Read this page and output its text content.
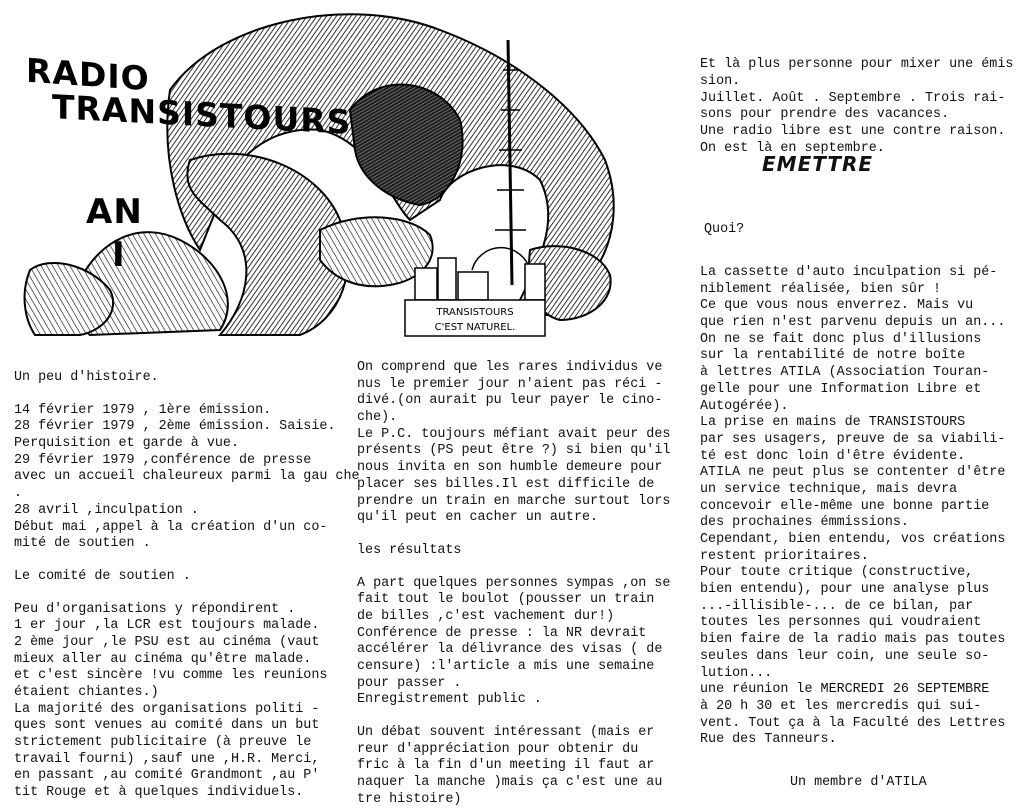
TRANSISTOURS
C'EST NATUREL.
RADIO
TRANSISTOURS
AN
I
Un peu d'histoire.
14 février 1979 , 1ère émission.
28 février 1979 , 2ème émission. Saisie.
Perquisition et garde à vue.
29 février 1979 ,conférence de presse
avec un accueil chaleureux parmi la gau che
.
28 avril ,inculpation .
Début mai ,appel à la création d'un co-
mité de soutien .
Le comité de soutien .
Peu d'organisations y répondirent .
1 er jour ,la LCR est toujours malade.
2 ème jour ,le PSU est au cinéma (vaut
mieux aller au cinéma qu'être malade.
et c'est sincère !vu comme les reunions
étaient chiantes.)
La majorité des organisations politi -
ques sont venues au comité dans un but
strictement publicitaire (à preuve le
travail fourni) ,sauf une ,H.R. Merci,
en passant ,au comité Grandmont ,au P'
tit Rouge et à quelques individuels.
On comprend que les rares individus ve
nus le premier jour n'aient pas réci -
divé.(on aurait pu leur payer le cino-
che).
Le P.C. toujours méfiant avait peur des
présents (PS peut être ?) si bien qu'il
nous invita en son humble demeure pour
placer ses billes.Il est difficile de
prendre un train en marche surtout lors
qu'il peut en cacher un autre.
les résultats
A part quelques personnes sympas ,on se
fait tout le boulot (pousser un train
de billes ,c'est vachement dur!)
Conférence de presse : la NR devrait
accélérer la délivrance des visas ( de
censure) :l'article a mis une semaine
pour passer .
Enregistrement public .
Un débat souvent intéressant (mais er
reur d'appréciation pour obtenir du
fric à la fin d'un meeting il faut ar
naquer la manche )mais ça c'est une au
tre histoire)

Et là plus personne pour mixer une émis
sion.
Juillet. Août . Septembre . Trois rai-
sons pour prendre des vacances.
Une radio libre est une contre raison.
On est là en septembre.

EMETTRE
Quoi?
La cassette d'auto inculpation si pé-
niblement réalisée, bien sûr !
Ce que vous nous enverrez. Mais vu
que rien n'est parvenu depuis un an...
On ne se fait donc plus d'illusions
sur la rentabilité de notre boîte
à lettres ATILA (Association Touran-
gelle pour une Information Libre et
Autogérée).
La prise en mains de TRANSISTOURS
par ses usagers, preuve de sa viabili-
té est donc loin d'être évidente.
ATILA ne peut plus se contenter d'être
un service technique, mais devra
concevoir elle-même une bonne partie
des prochaines émmissions.
Cependant, bien entendu, vos créations
restent prioritaires.
Pour toute critique (constructive,
bien entendu), pour une analyse plus
...-illisible-... de ce bilan, par
toutes les personnes qui voudraient
bien faire de la radio mais pas toutes
seules dans leur coin, une seule so-
lution...
une réunion le MERCREDI 26 SEPTEMBRE
à 20 h 30 et les mercredis qui sui-
vent. Tout ça à la Faculté des Lettres
Rue des Tanneurs.
Un membre d'ATILA
